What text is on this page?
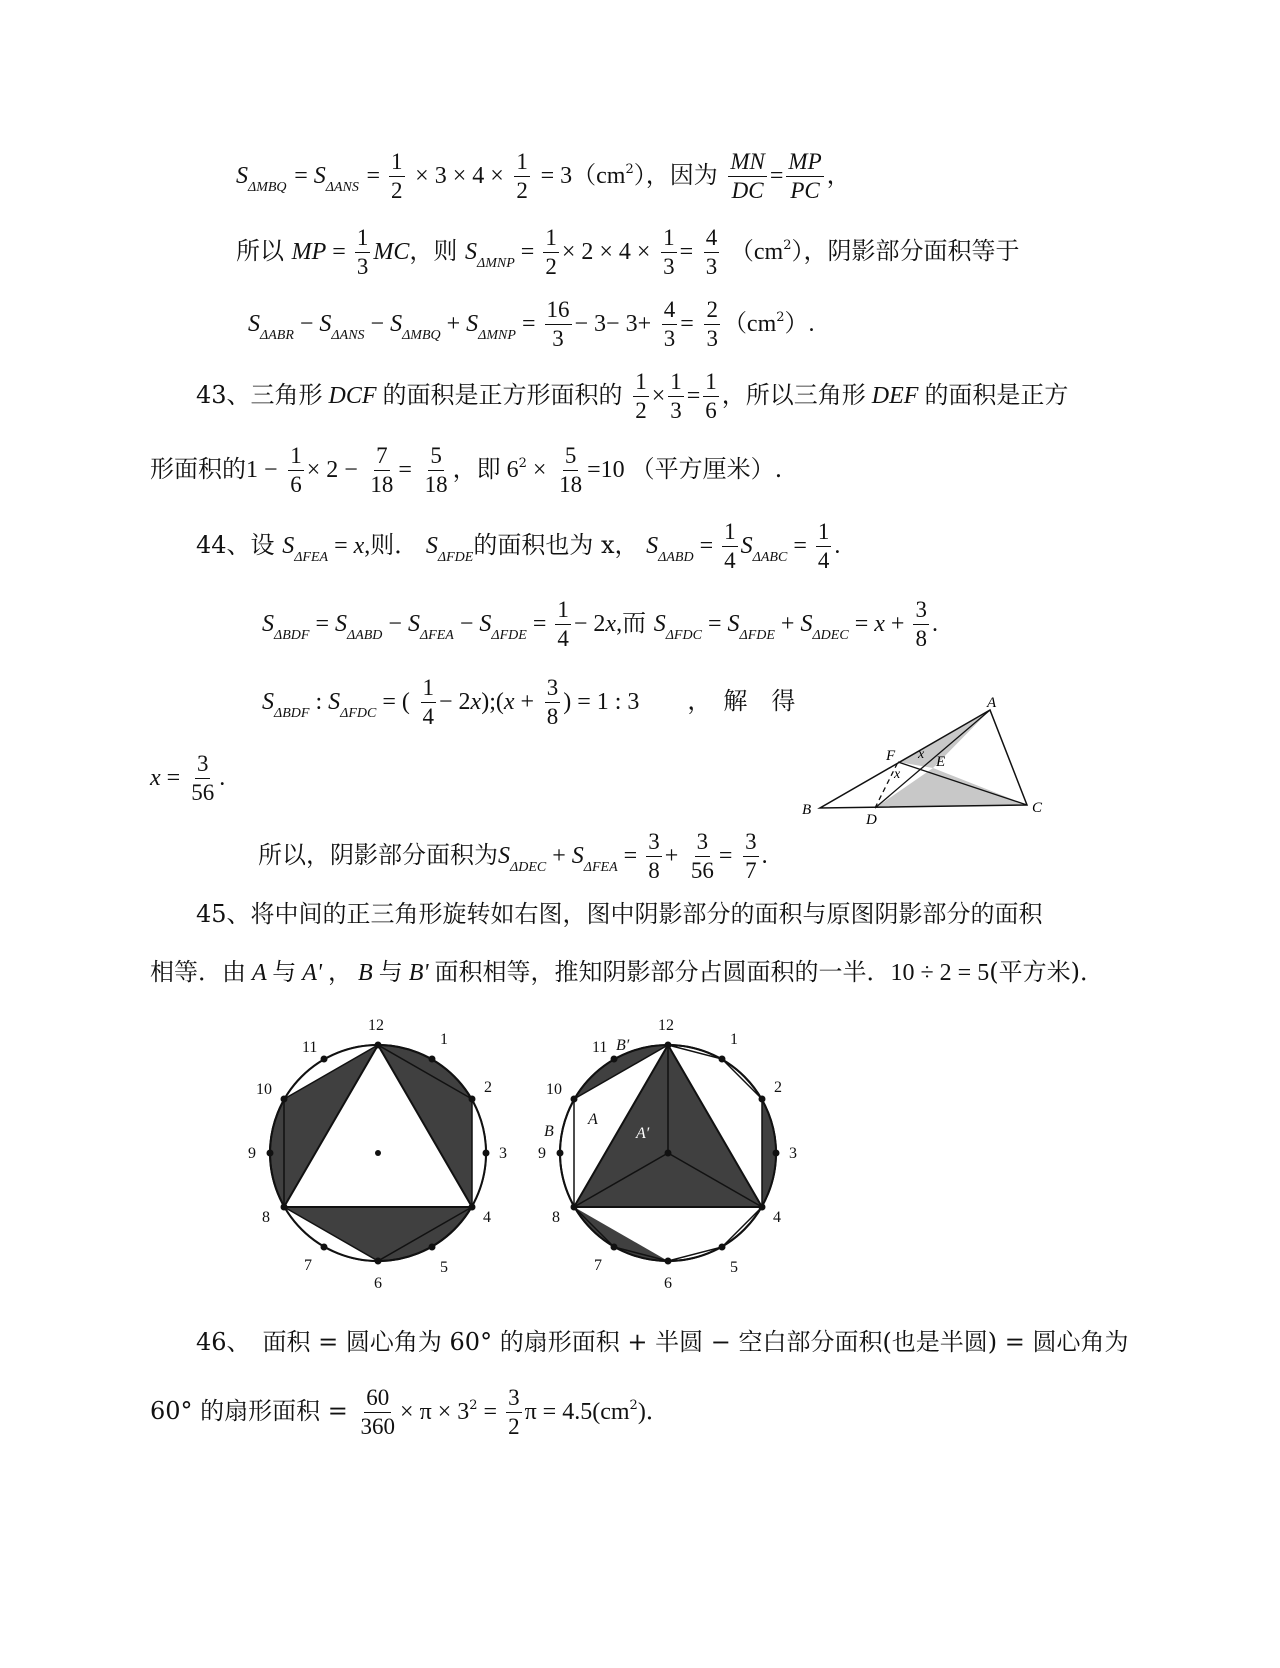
$S_{\Delta MBQ} = S_{\Delta ANS} = \frac{1}{2} \times 3 \times 4 \times \frac{1}{2} = 3(cm^2)$，因为 $\frac{MN}{DC} = \frac{MP}{PC}$ ，
所以 MP = $\frac{1}{3}$ MC，则 $S_{\Delta MNP} = \frac{1}{2} \times 2 \times 4 \times \frac{1}{3} = \frac{4}{3} (cm^2)$，阴影部分面积等于
$S_{\Delta ABR} - S_{\Delta ANS} - S_{\Delta MBQ} + S_{\Delta MNP} = \frac{16}{3} - 3- 3+ \frac{4}{3} = \frac{2}{3} (cm^2)$.
43、三角形 DCF 的面积是正方形面积的 $\frac{1}{2} \times \frac{1}{3} = \frac{1}{6}$ ，所以三角形 DEF 的面积是正方
形面积的$1 - \frac{1}{6} \times 2 - \frac{7}{18} = \frac{5}{18}$ ，即 $6^2 \times \frac{5}{18} =10$ （平方厘米）.
44、设 $S_{\Delta FEA} = x$,则． $S_{\Delta FDE}$的面积也为 x， $S_{\Delta ABD} = \frac{1}{4} S_{\Delta ABC} = \frac{1}{4}$ .
$S_{\Delta BDF} = S_{\Delta ABD} - S_{\Delta FEA} - S_{\Delta FDE} = \frac{1}{4} - 2x$,而 $S_{\Delta FDC} = S_{\Delta FDE} + S_{\Delta DEC} = x + \frac{3}{8}$ .
$S_{\Delta BDF}$ : $S_{\Delta FDC}$ = ( $\frac{1}{4}$ − 2x);(x + $\frac{3}{8}$ ) = 1 : 3　　，　解　得
$x = \frac{3}{56}$ .
所以，阴影部分面积为$S_{\Delta DEC} + S_{\Delta FEA} = \frac{3}{8} + \frac{3}{56} = \frac{3}{7}$ .
A
B	C
D
E
F x
x
45、将中间的正三角形旋转如右图，图中阴影部分的面积与原图阴影部分的面积
相等．由 A 与 A' ， B 与 B' 面积相等，推知阴影部分占圆面积的一半．10 ÷ 2 = 5(平方米)．
12
1
2
3
4
5
6
7
8
9
10
11
12
1
2
3
4
5
6
7
8
9
10
11
A
A′
B
B′
46、　 面积 = 圆心角为 60° 的扇形面积 + 半圆 − 空白部分面积(也是半圆) = 圆心角为
60° 的扇形面积 = $\frac{60}{360} \times \pi \times 3^2 = \frac{3}{2}$ $\pi = 4.5(cm^2)$．
